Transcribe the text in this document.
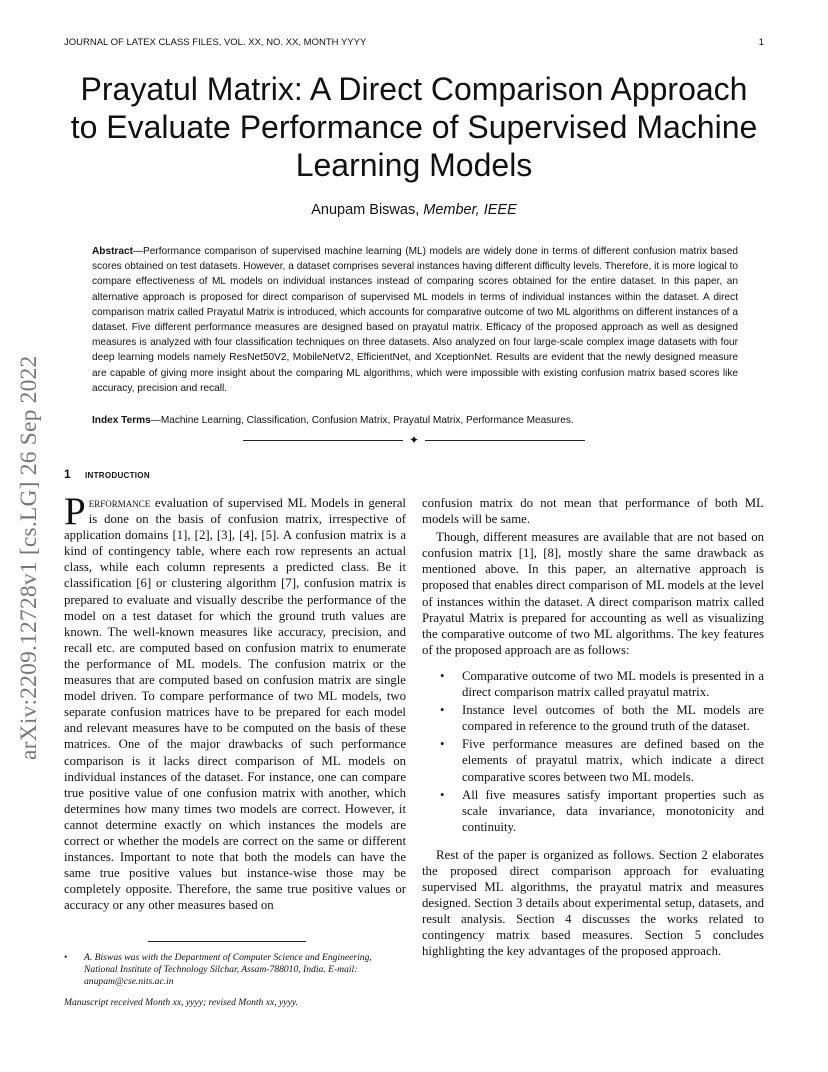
JOURNAL OF LATEX CLASS FILES, VOL. XX, NO. XX, MONTH YYYY	1
arXiv:2209.12728v1 [cs.LG] 26 Sep 2022
Prayatul Matrix: A Direct Comparison Approach to Evaluate Performance of Supervised Machine Learning Models
Anupam Biswas, Member, IEEE
Abstract—Performance comparison of supervised machine learning (ML) models are widely done in terms of different confusion matrix based scores obtained on test datasets. However, a dataset comprises several instances having different difficulty levels. Therefore, it is more logical to compare effectiveness of ML models on individual instances instead of comparing scores obtained for the entire dataset. In this paper, an alternative approach is proposed for direct comparison of supervised ML models in terms of individual instances within the dataset. A direct comparison matrix called Prayatul Matrix is introduced, which accounts for comparative outcome of two ML algorithms on different instances of a dataset. Five different performance measures are designed based on prayatul matrix. Efficacy of the proposed approach as well as designed measures is analyzed with four classification techniques on three datasets. Also analyzed on four large-scale complex image datasets with four deep learning models namely ResNet50V2, MobileNetV2, EfficientNet, and XceptionNet. Results are evident that the newly designed measure are capable of giving more insight about the comparing ML algorithms, which were impossible with existing confusion matrix based scores like accuracy, precision and recall.
Index Terms—Machine Learning, Classification, Confusion Matrix, Prayatul Matrix, Performance Measures.
✦
1 introduction

Performance evaluation of supervised ML Models in general is done on the basis of confusion matrix, irrespective of application domains [1], [2], [3], [4], [5]. A confusion matrix is a kind of contingency table, where each row represents an actual class, while each column represents a predicted class. Be it classification [6] or clustering algorithm [7], confusion matrix is prepared to evaluate and visually describe the performance of the model on a test dataset for which the ground truth values are known. The well-known measures like accuracy, precision, and recall etc. are computed based on confusion matrix to enumerate the performance of ML models. The confusion matrix or the measures that are computed based on confusion matrix are single model driven. To compare performance of two ML models, two separate confusion matrices have to be prepared for each model and relevant measures have to be computed on the basis of these matrices. One of the major drawbacks of such performance comparison is it lacks direct comparison of ML models on individual instances of the dataset. For instance, one can compare true positive value of one confusion matrix with another, which determines how many times two models are correct. However, it cannot determine exactly on which instances the models are correct or whether the models are correct on the same or different instances. Important to note that both the models can have the same true positive values but instance-wise those may be completely opposite. Therefore, the same true positive values or accuracy or any other measures based on

confusion matrix do not mean that performance of both ML models will be same.

Though, different measures are available that are not based on confusion matrix [1], [8], mostly share the same drawback as mentioned above. In this paper, an alternative approach is proposed that enables direct comparison of ML models at the level of instances within the dataset. A direct comparison matrix called Prayatul Matrix is prepared for accounting as well as visualizing the comparative outcome of two ML algorithms. The key features of the proposed approach are as follows:

• Comparative outcome of two ML models is presented in a direct comparison matrix called prayatul matrix.
• Instance level outcomes of both the ML models are compared in reference to the ground truth of the dataset.
• Five performance measures are defined based on the elements of prayatul matrix, which indicate a direct comparative scores between two ML models.
• All five measures satisfy important properties such as scale invariance, data invariance, monotonicity and continuity.

Rest of the paper is organized as follows. Section 2 elaborates the proposed direct comparison approach for evaluating supervised ML algorithms, the prayatul matrix and measures designed. Section 3 details about experimental setup, datasets, and result analysis. Section 4 discusses the works related to contingency matrix based measures. Section 5 concludes highlighting the key advantages of the proposed approach.

• A. Biswas was with the Department of Computer Science and Engineering, National Institute of Technology Silchar, Assam-788010, India. E-mail: anupam@cse.nits.ac.in
Manuscript received Month xx, yyyy; revised Month xx, yyyy.
